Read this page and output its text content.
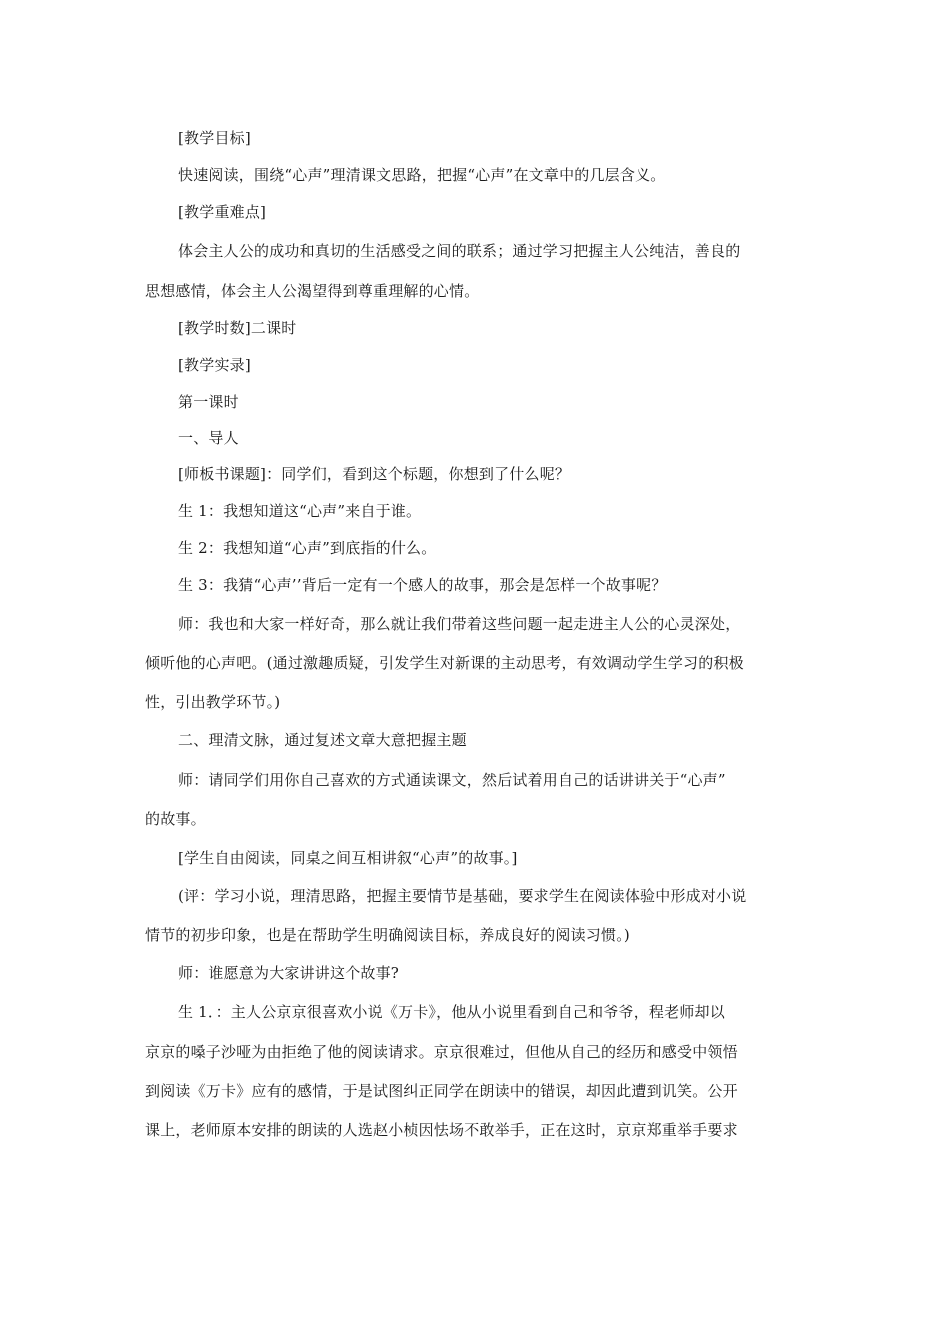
[教学目标]
快速阅读，围绕“心声”理清课文思路，把握“心声”在文章中的几层含义。
[教学重难点]
体会主人公的成功和真切的生活感受之间的联系；通过学习把握主人公纯洁，善良的
思想感情，体会主人公渴望得到尊重理解的心情。
[教学时数]二课时
[教学实录]
第一课时
一、导人
[师板书课题]：同学们，看到这个标题，你想到了什么呢？
生 1：我想知道这“心声”来自于谁。
生 2：我想知道“心声”到底指的什么。
生 3：我猜“心声’’背后一定有一个感人的故事，那会是怎样一个故事呢？
师：我也和大家一样好奇，那么就让我们带着这些问题一起走进主人公的心灵深处，
倾听他的心声吧。(通过激趣质疑，引发学生对新课的主动思考，有效调动学生学习的积极
性，引出教学环节。)
二、理清文脉，通过复述文章大意把握主题
师：请同学们用你自己喜欢的方式通读课文，然后试着用自己的话讲讲关于“心声”
的故事。
[学生自由阅读，同桌之间互相讲叙“心声”的故事。]
(评：学习小说，理清思路，把握主要情节是基础，要求学生在阅读体验中形成对小说
情节的初步印象，也是在帮助学生明确阅读目标，养成良好的阅读习惯。)
师：谁愿意为大家讲讲这个故事?
生 1．：主人公京京很喜欢小说《万卡》，他从小说里看到自己和爷爷，程老师却以
京京的嗓子沙哑为由拒绝了他的阅读请求。京京很难过，但他从自己的经历和感受中领悟
到阅读《万卡》应有的感情，于是试图纠正同学在朗读中的错误，却因此遭到讥笑。公开
课上，老师原本安排的朗读的人选赵小桢因怯场不敢举手，正在这时，京京郑重举手要求
